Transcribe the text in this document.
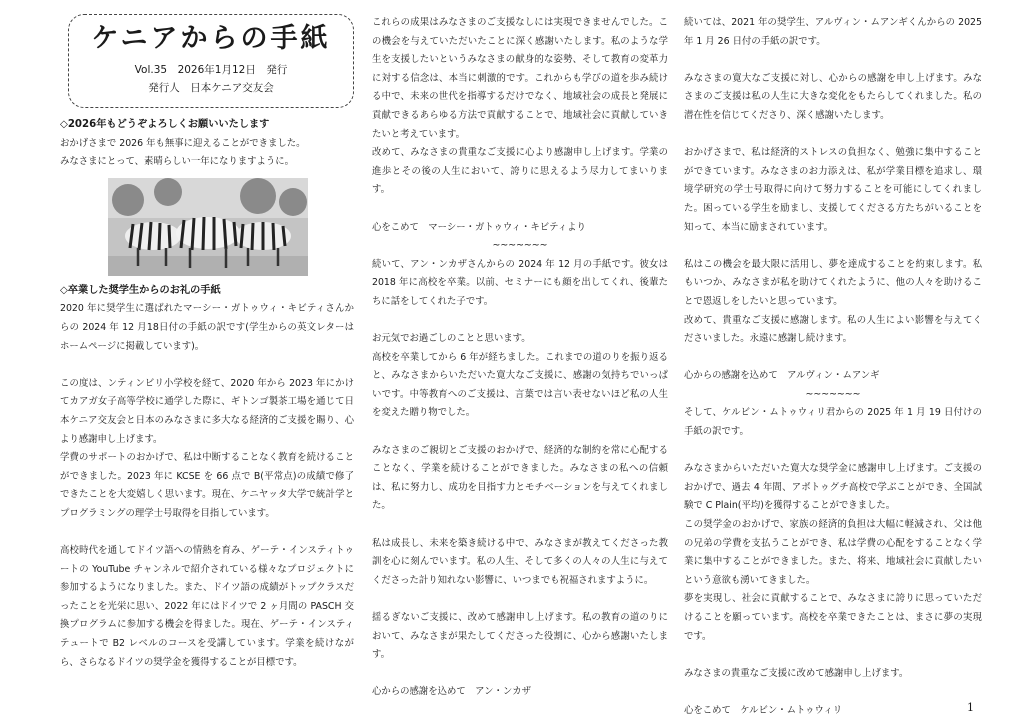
ケニアからの手紙
Vol.35　2026年1月12日　発行
発行人　日本ケニア交友会

◇2026年もどうぞよろしくお願いいたします

おかげさまで 2026 年も無事に迎えることができました。
みなさまにとって、素晴らしい一年になりますように。

◇卒業した奨学生からのお礼の手紙

2020 年に奨学生に選ばれたマーシー・ガトゥウィ・キビティさんからの 2024 年 12 月18日付の手紙の訳です(学生からの英文レターはホームページに掲載しています)。

この度は、ンティンビリ小学校を経て、2020 年から 2023 年にかけてカアガ女子高等学校に通学した際に、ギトンゴ製茶工場を通じて日本ケニア交友会と日本のみなさまに多大なる経済的ご支援を賜り、心より感謝申し上げます。
学費のサポートのおかげで、私は中断することなく教育を続けることができました。2023 年に KCSE を 66 点で B(平常点)の成績で修了できたことを大変嬉しく思います。現在、ケニヤッタ大学で統計学とプログラミングの理学士号取得を目指しています。

高校時代を通してドイツ語への情熱を育み、ゲーテ・インスティトゥートの YouTube チャンネルで紹介されている様々なプロジェクトに参加するようになりました。また、ドイツ語の成績がトップクラスだったことを光栄に思い、2022 年にはドイツで 2 ヶ月間の PASCH 交換プログラムに参加する機会を得ました。現在、ゲーテ・インスティテュートで B2 レベルのコースを受講しています。学業を続けながら、さらなるドイツの奨学金を獲得することが目標です。

これらの成果はみなさまのご支援なしには実現できませんでした。この機会を与えていただいたことに深く感謝いたします。私のような学生を支援したいというみなさまの献身的な姿勢、そして教育の変革力に対する信念は、本当に刺激的です。これからも学びの道を歩み続ける中で、未来の世代を指導するだけでなく、地域社会の成長と発展に貢献できるあらゆる方法で貢献することで、地域社会に貢献していきたいと考えています。
改めて、みなさまの貴重なご支援に心より感謝申し上げます。学業の進歩とその後の人生において、誇りに思えるよう尽力してまいります。

心をこめて　マーシー・ガトゥウィ・キビティより

~~~~~~~

続いて、アン・ンカザさんからの 2024 年 12 月の手紙です。彼女は 2018 年に高校を卒業。以前、セミナーにも顔を出してくれ、後輩たちに話をしてくれた子です。

お元気でお過ごしのことと思います。
高校を卒業してから 6 年が経ちました。これまでの道のりを振り返ると、みなさまからいただいた寛大なご支援に、感謝の気持ちでいっぱいです。中等教育へのご支援は、言葉では言い表せないほど私の人生を変えた贈り物でした。

みなさまのご親切とご支援のおかげで、経済的な制約を常に心配することなく、学業を続けることができました。みなさまの私への信頼は、私に努力し、成功を目指す力とモチベーションを与えてくれました。

私は成長し、未来を築き続ける中で、みなさまが教えてくださった教訓を心に刻んでいます。私の人生、そして多くの人々の人生に与えてくださった計り知れない影響に、いつまでも祝福されますように。

揺るぎないご支援に、改めて感謝申し上げます。私の教育の道のりにおいて、みなさまが果たしてくださった役割に、心から感謝いたします。

心からの感謝を込めて　アン・ンカザ

続いては、2021 年の奨学生、アルヴィン・ムアンギくんからの 2025 年 1 月 26 日付の手紙の訳です。

みなさまの寛大なご支援に対し、心からの感謝を申し上げます。みなさまのご支援は私の人生に大きな変化をもたらしてくれました。私の潜在性を信じてくださり、深く感謝いたします。

おかげさまで、私は経済的ストレスの負担なく、勉強に集中することができています。みなさまのお力添えは、私が学業目標を追求し、環境学研究の学士号取得に向けて努力することを可能にしてくれました。困っている学生を励まし、支援してくださる方たちがいることを知って、本当に励まされています。

私はこの機会を最大限に活用し、夢を達成することを約束します。私もいつか、みなさまが私を助けてくれたように、他の人々を助けることで恩返しをしたいと思っています。
改めて、貴重なご支援に感謝します。私の人生によい影響を与えてくださいました。永遠に感謝し続けます。

心からの感謝を込めて　アルヴィン・ムアンギ

~~~~~~~

そして、ケルビン・ムトゥウィリ君からの 2025 年 1 月 19 日付けの手紙の訳です。

みなさまからいただいた寛大な奨学金に感謝申し上げます。ご支援のおかげで、過去 4 年間、アボトゥグチ高校で学ぶことができ、全国試験で C Plain(平均)を獲得することができました。
この奨学金のおかげで、家族の経済的負担は大幅に軽減され、父は他の兄弟の学費を支払うことができ、私は学費の心配をすることなく学業に集中することができました。また、将来、地域社会に貢献したいという意欲も湧いてきました。
夢を実現し、社会に貢献することで、みなさまに誇りに思っていただけることを願っています。高校を卒業できたことは、まさに夢の実現です。

みなさまの貴重なご支援に改めて感謝申し上げます。

心をこめて　ケルビン・ムトゥウィリ	1
